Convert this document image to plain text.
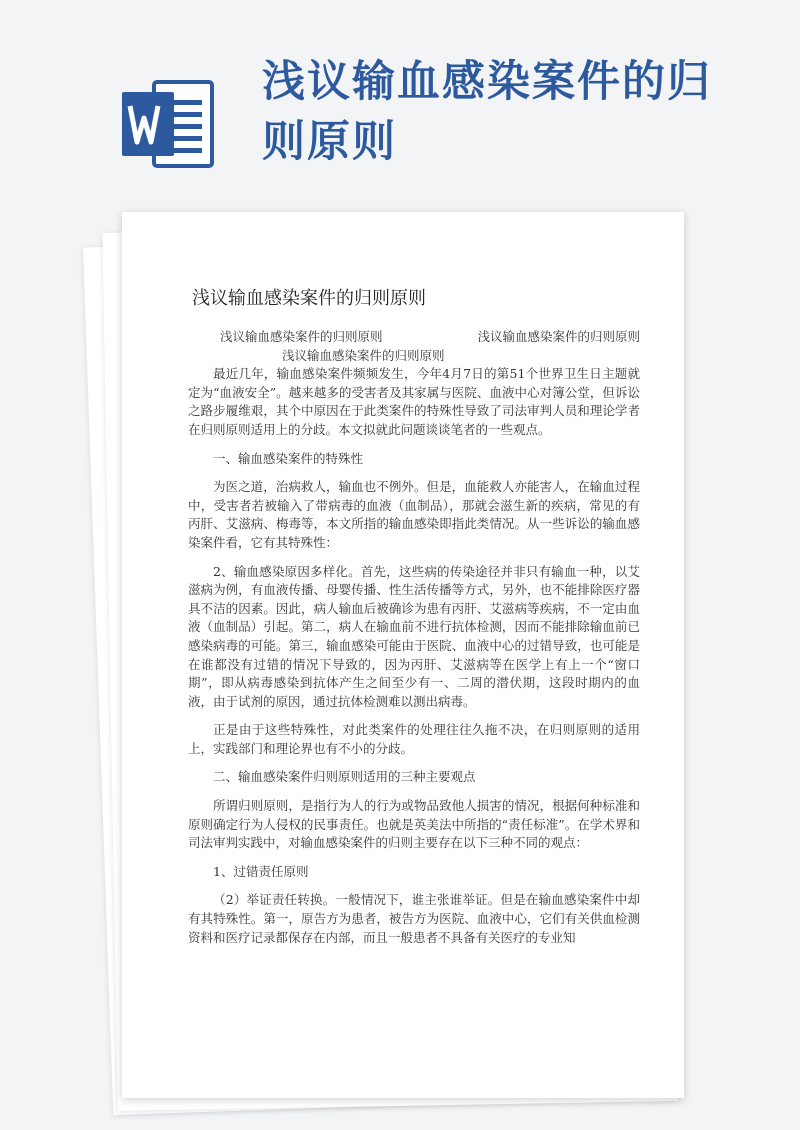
浅议输血感染案件的归
则原则
浅议输血感染案件的归则原则

浅议输血感染案件的归则原则	浅议输血感染案件的归则原则 浅议输血感染案件的归则原则

最近几年，输血感染案件频频发生，今年4月7日的第51个世界卫生日主题就定为“血液安全”。越来越多的受害者及其家属与医院、血液中心对簿公堂，但诉讼之路步履维艰，其个中原因在于此类案件的特殊性导致了司法审判人员和理论学者在归则原则适用上的分歧。本文拟就此问题谈谈笔者的一些观点。

一、输血感染案件的特殊性

为医之道，治病救人，输血也不例外。但是，血能救人亦能害人，在输血过程中，受害者若被输入了带病毒的血液（血制品），那就会滋生新的疾病，常见的有丙肝、艾滋病、梅毒等，本文所指的输血感染即指此类情况。从一些诉讼的输血感染案件看，它有其特殊性：

2、输血感染原因多样化。首先，这些病的传染途径并非只有输血一种，以艾滋病为例，有血液传播、母婴传播、性生活传播等方式，另外，也不能排除医疗器具不洁的因素。因此，病人输血后被确诊为患有丙肝、艾滋病等疾病，不一定由血液（血制品）引起。第二，病人在输血前不进行抗体检测，因而不能排除输血前已感染病毒的可能。第三，输血感染可能由于医院、血液中心的过错导致，也可能是在谁都没有过错的情况下导致的，因为丙肝、艾滋病等在医学上有上一个“窗口期”，即从病毒感染到抗体产生之间至少有一、二周的潜伏期，这段时期内的血液，由于试剂的原因，通过抗体检测难以测出病毒。

正是由于这些特殊性，对此类案件的处理往往久拖不决，在归则原则的适用上，实践部门和理论界也有不小的分歧。

二、输血感染案件归则原则适用的三种主要观点

所谓归则原则，是指行为人的行为或物品致他人损害的情况，根据何种标准和原则确定行为人侵权的民事责任。也就是英美法中所指的“责任标准”。在学术界和司法审判实践中，对输血感染案件的归则主要存在以下三种不同的观点：

1、过错责任原则

（2）举证责任转换。一般情况下，谁主张谁举证。但是在输血感染案件中却有其特殊性。第一，原告方为患者，被告方为医院、血液中心，它们有关供血检测资料和医疗记录都保存在内部，而且一般患者不具备有关医疗的专业知
